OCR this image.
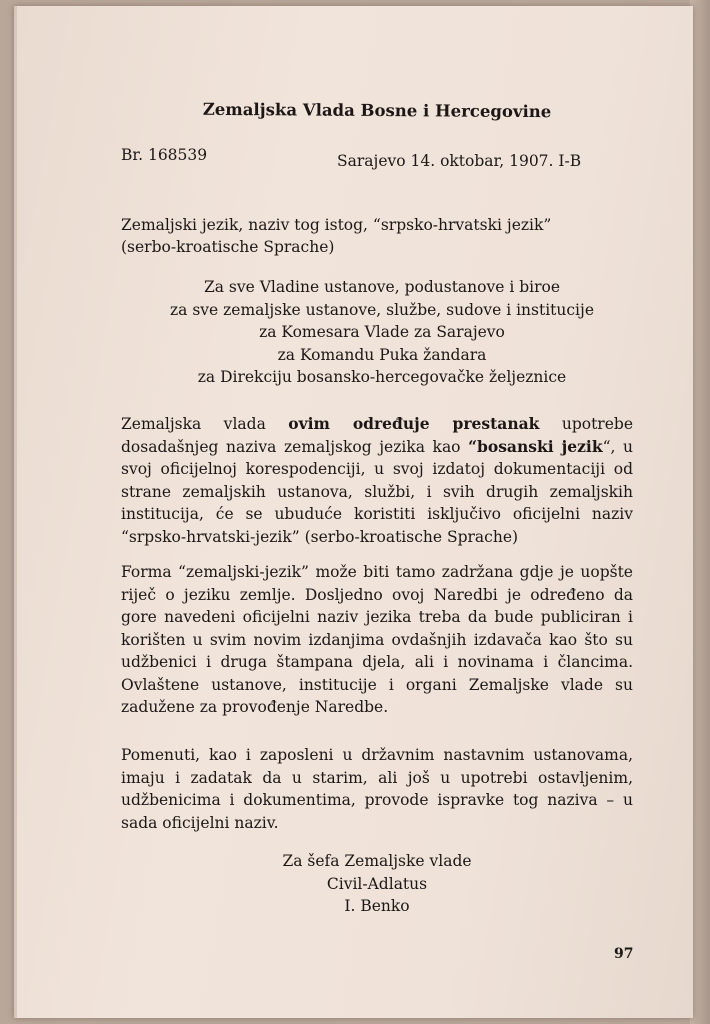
Zemaljska Vlada Bosne i Hercegovine
Br. 168539	Sarajevo 14. oktobar, 1907. I-B
Zemaljski jezik, naziv tog istog, “srpsko-hrvatski jezik”
(serbo-kroatische Sprache)
Za sve Vladine ustanove, podustanove i biroe
za sve zemaljske ustanove, službe, sudove i institucije
za Komesara Vlade za Sarajevo
za Komandu Puka žandara
za Direkciju bosansko-hercegovačke željeznice
Zemaljska vlada ovim određuje prestanak upotrebe dosadašnjeg naziva zemaljskog jezika kao “bosanski jezik“, u svoj oficijelnoj korespodenciji, u svoj izdatoj dokumentaciji od strane zemaljskih ustanova, službi, i svih drugih zemaljskih institucija, će se ubuduće koristiti isključivo oficijelni naziv “srpsko-hrvatski-jezik” (serbo-kroatische Sprache)
Forma “zemaljski-jezik” može biti tamo zadržana gdje je uopšte riječ o jeziku zemlje. Dosljedno ovoj Naredbi je određeno da gore navedeni oficijelni naziv jezika treba da bude publiciran i korišten u svim novim izdanjima ovdašnjih izdavača kao što su udžbenici i druga štampana djela, ali i novinama i člancima. Ovlaštene ustanove, institucije i organi Zemaljske vlade su zadužene za provođenje Naredbe.
Pomenuti, kao i zaposleni u državnim nastavnim ustanovama, imaju i zadatak da u starim, ali još u upotrebi ostavljenim, udžbenicima i dokumentima, provode ispravke tog naziva – u sada oficijelni naziv.
Za šefa Zemaljske vlade
Civil-Adlatus
I. Benko
97
